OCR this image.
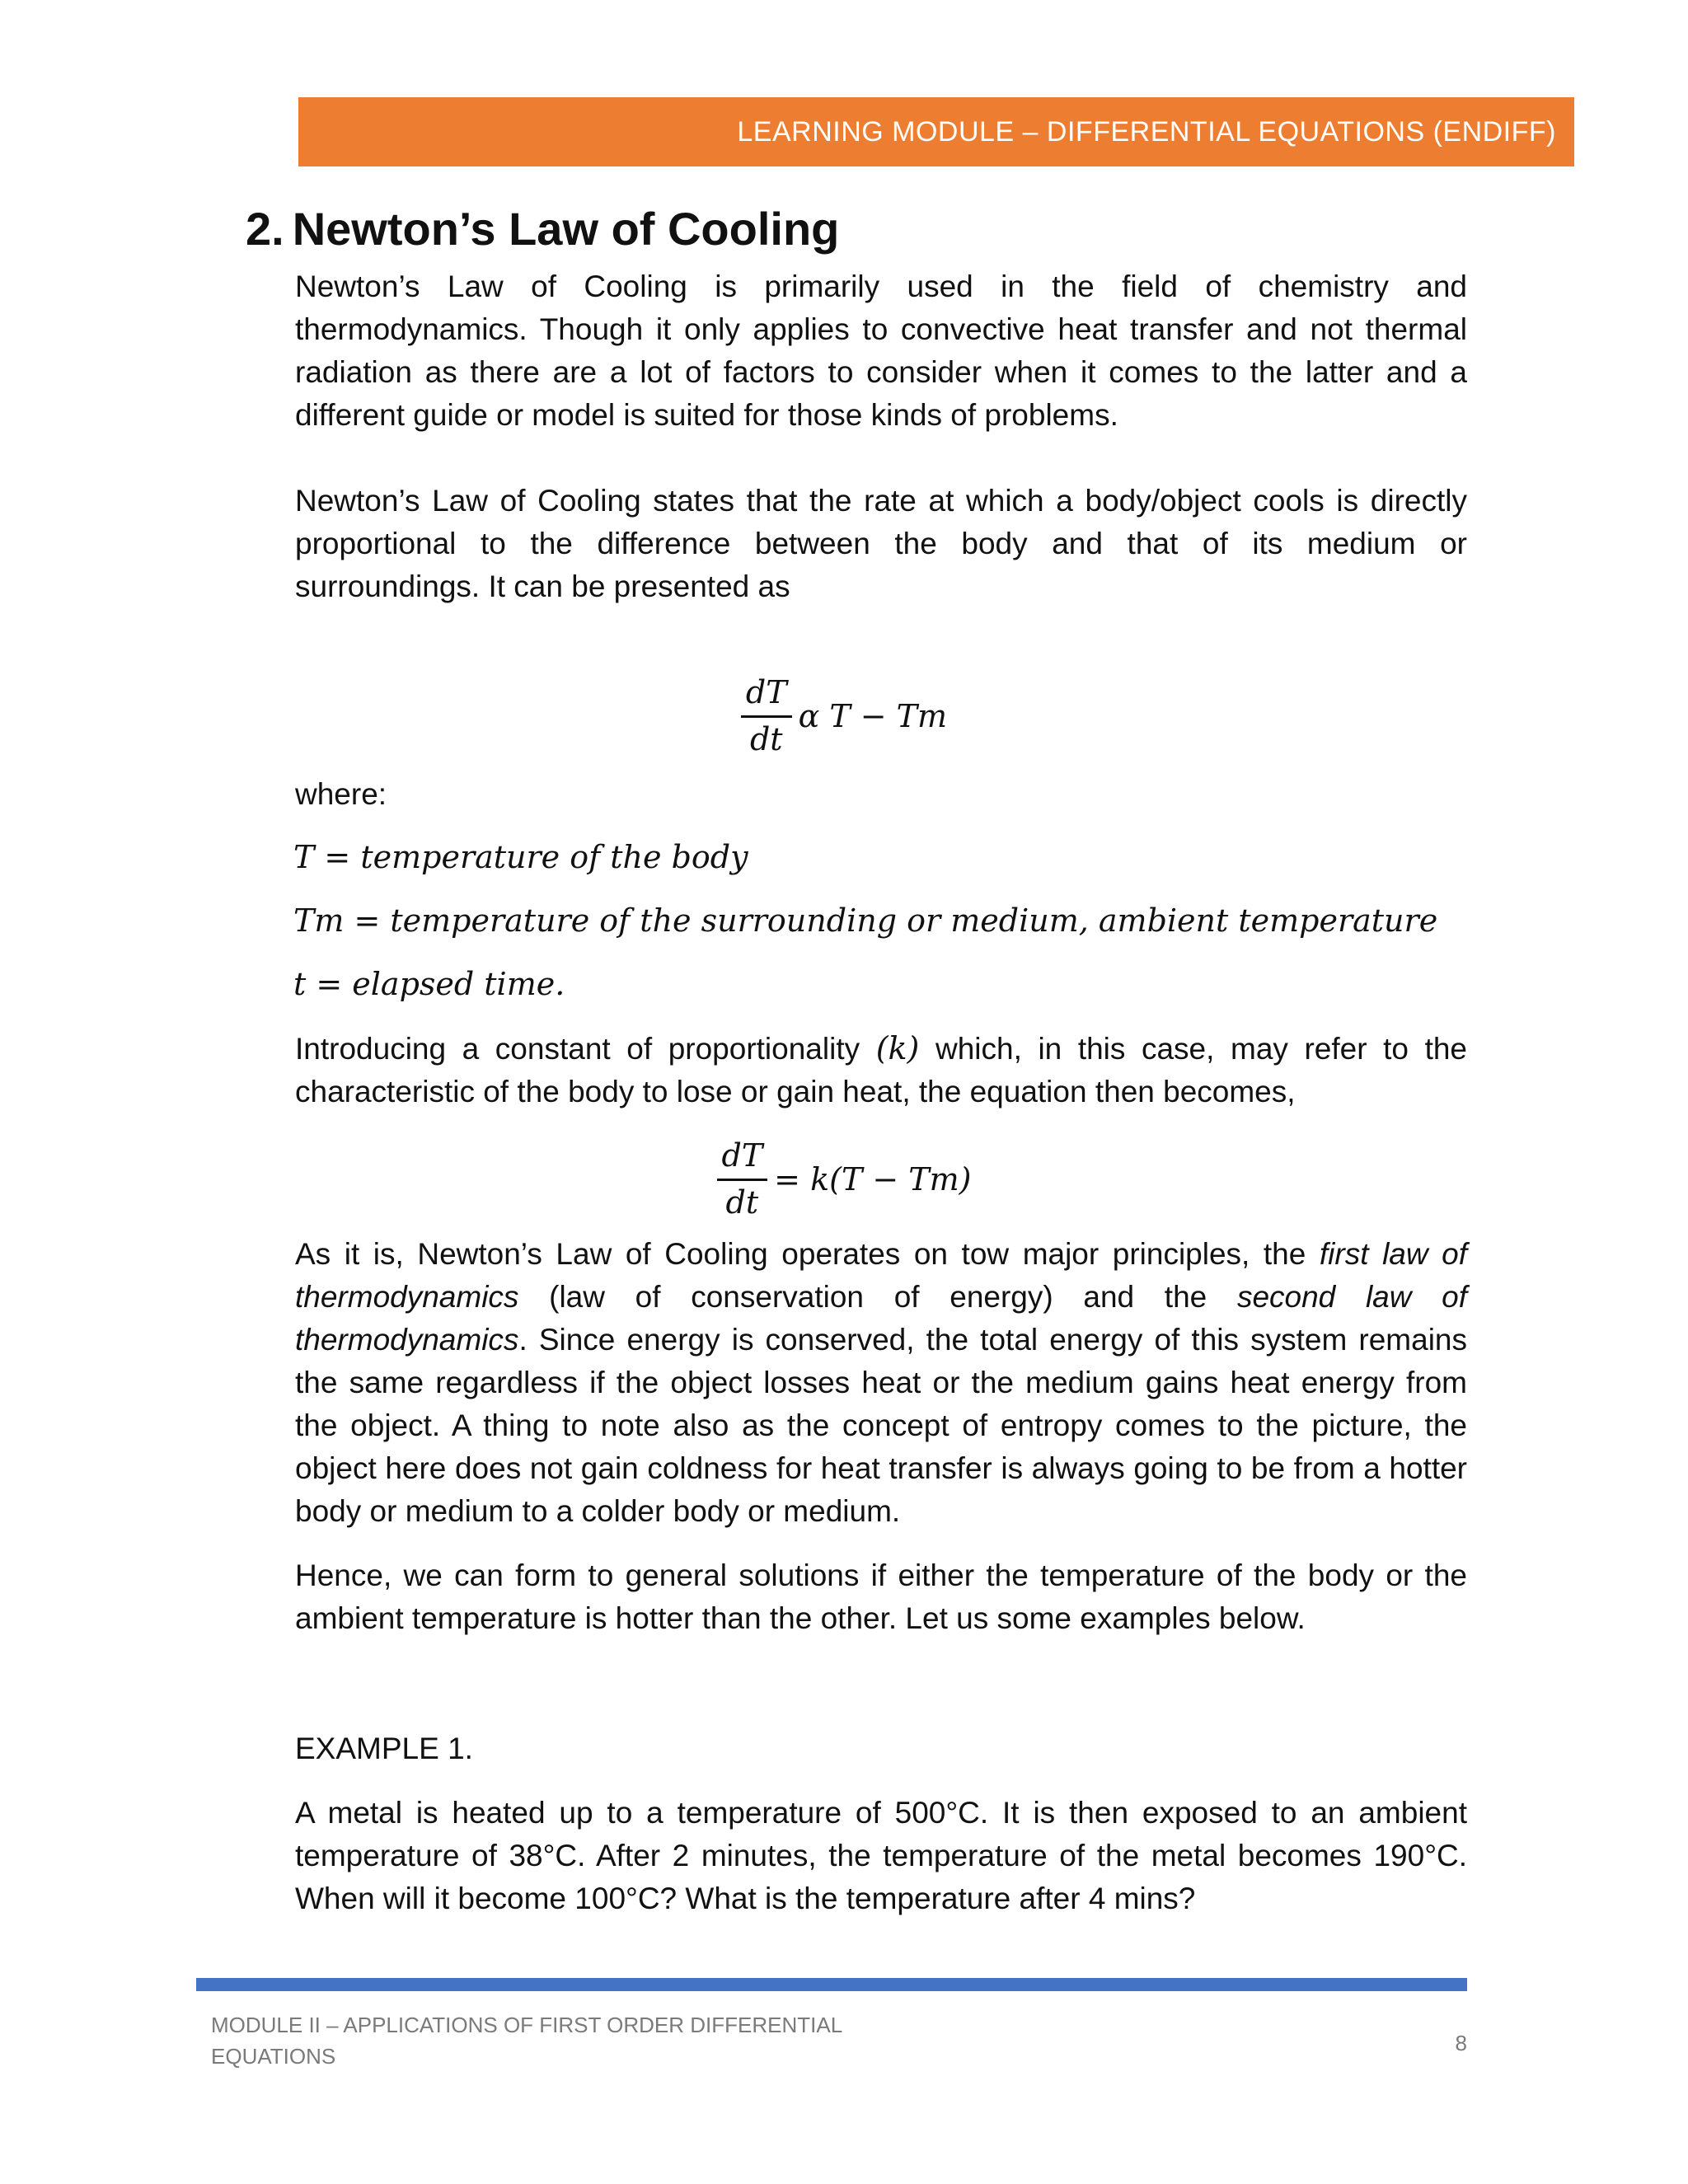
LEARNING MODULE – DIFFERENTIAL EQUATIONS (ENDIFF)
2. Newton’s Law of Cooling

Newton’s Law of Cooling is primarily used in the field of chemistry and thermodynamics. Though it only applies to convective heat transfer and not thermal radiation as there are a lot of factors to consider when it comes to the latter and a different guide or model is suited for those kinds of problems.

Newton’s Law of Cooling states that the rate at which a body/object cools is directly proportional to the difference between the body and that of its medium or surroundings. It can be presented as

$\frac{dT}{dt}$ α T − Tm

where:

T = temperature of the body
Tm = temperature of the surrounding or medium, ambient temperature
t = elapsed time.

Introducing a constant of proportionality (k) which, in this case, may refer to the characteristic of the body to lose or gain heat, the equation then becomes,

$\frac{dT}{dt} = k(T - Tm)$

As it is, Newton’s Law of Cooling operates on tow major principles, the first law of thermodynamics (law of conservation of energy) and the second law of thermodynamics. Since energy is conserved, the total energy of this system remains the same regardless if the object losses heat or the medium gains heat energy from the object. A thing to note also as the concept of entropy comes to the picture, the object here does not gain coldness for heat transfer is always going to be from a hotter body or medium to a colder body or medium.

Hence, we can form to general solutions if either the temperature of the body or the ambient temperature is hotter than the other. Let us some examples below.

EXAMPLE 1.

A metal is heated up to a temperature of 500°C. It is then exposed to an ambient temperature of 38°C. After 2 minutes, the temperature of the metal becomes 190°C. When will it become 100°C? What is the temperature after 4 mins?

MODULE II – APPLICATIONS OF FIRST ORDER DIFFERENTIAL EQUATIONS
8
